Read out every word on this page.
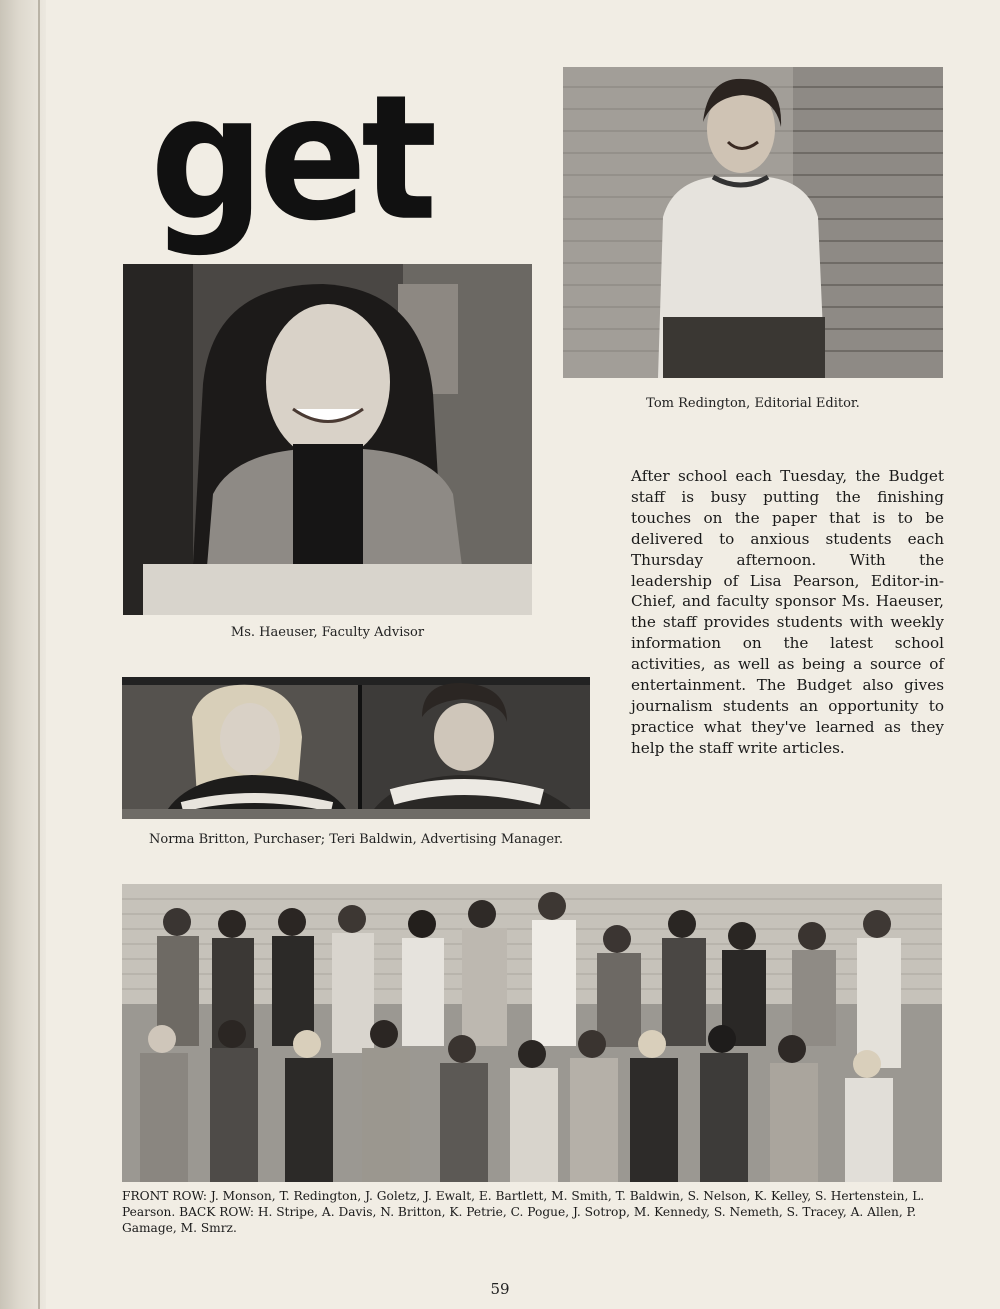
get
Tom Redington, Editorial Editor.
Ms. Haeuser, Faculty Advisor
Norma Britton, Purchaser; Teri Baldwin, Advertising Manager.

After school each Tuesday, the Budget staff is busy putting the finishing touches on the paper that is to be delivered to anxious students each Thursday afternoon. With the leadership of Lisa Pearson, Editor-in-Chief, and faculty sponsor Ms. Haeuser, the staff provides students with weekly information on the latest school activities, as well as being a source of entertainment. The Budget also gives journalism students an opportunity to practice what they've learned as they help the staff write articles.

FRONT ROW: J. Monson, T. Redington, J. Goletz, J. Ewalt, E. Bartlett, M. Smith, T. Baldwin, S. Nelson, K. Kelley, S. Hertenstein, L. Pearson. BACK ROW: H. Stripe, A. Davis, N. Britton, K. Petrie, C. Pogue, J. Sotrop, M. Kennedy, S. Nemeth, S. Tracey, A. Allen, P. Gamage, M. Smrz.

59
